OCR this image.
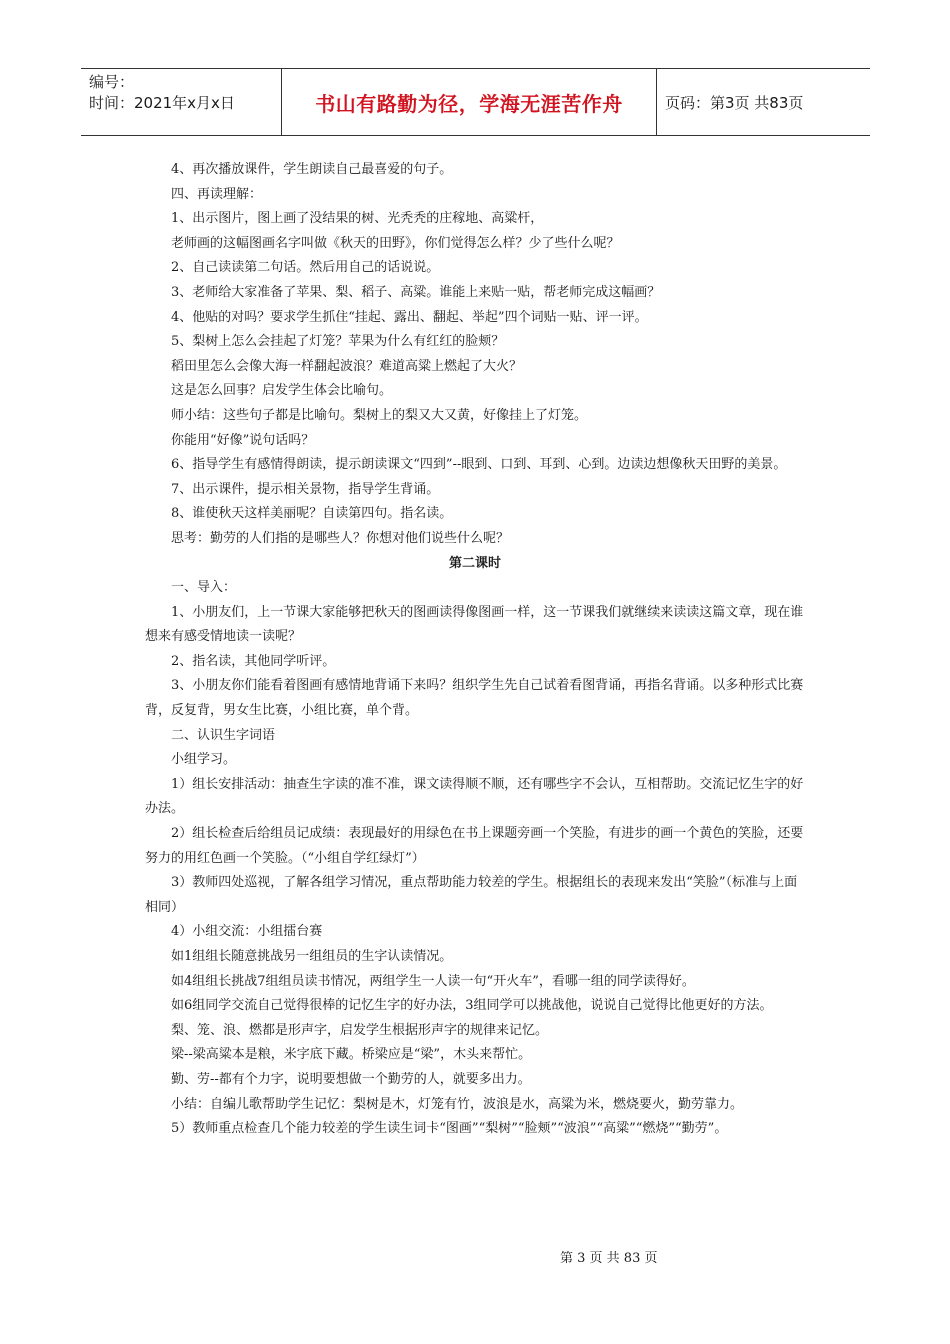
编号：
时间：2021年x月x日	书山有路勤为径，学海无涯苦作舟	页码：第3页 共83页

4、再次播放课件，学生朗读自己最喜爱的句子。

四、再读理解：

1、出示图片，图上画了没结果的树、光秃秃的庄稼地、高粱杆，

老师画的这幅图画名字叫做《秋天的田野》，你们觉得怎么样？少了些什么呢？

2、自己读读第二句话。然后用自己的话说说。

3、老师给大家准备了苹果、梨、稻子、高粱。谁能上来贴一贴，帮老师完成这幅画？

4、他贴的对吗？要求学生抓住“挂起、露出、翻起、举起”四个词贴一贴、评一评。

5、梨树上怎么会挂起了灯笼？苹果为什么有红红的脸颊？

稻田里怎么会像大海一样翻起波浪？难道高粱上燃起了大火？

这是怎么回事？启发学生体会比喻句。

师小结：这些句子都是比喻句。梨树上的梨又大又黄，好像挂上了灯笼。

你能用“好像”说句话吗？

6、指导学生有感情得朗读，提示朗读课文“四到”--眼到、口到、耳到、心到。边读边想像秋天田野的美景。

7、出示课件，提示相关景物，指导学生背诵。

8、谁使秋天这样美丽呢？自读第四句。指名读。

思考：勤劳的人们指的是哪些人？你想对他们说些什么呢？

第二课时

一、导入：

1、小朋友们，上一节课大家能够把秋天的图画读得像图画一样，这一节课我们就继续来读读这篇文章，现在谁想来有感受情地读一读呢？

2、指名读，其他同学听评。

3、小朋友你们能看着图画有感情地背诵下来吗？组织学生先自己试着看图背诵，再指名背诵。以多种形式比赛背，反复背，男女生比赛，小组比赛，单个背。

二、认识生字词语

小组学习。

1）组长安排活动：抽查生字读的准不准，课文读得顺不顺，还有哪些字不会认，互相帮助。交流记忆生字的好办法。

2）组长检查后给组员记成绩：表现最好的用绿色在书上课题旁画一个笑脸，有进步的画一个黄色的笑脸，还要努力的用红色画一个笑脸。（“小组自学红绿灯”）

3）教师四处巡视，了解各组学习情况，重点帮助能力较差的学生。根据组长的表现来发出“笑脸”（标准与上面相同）

4）小组交流：小组擂台赛

如1组组长随意挑战另一组组员的生字认读情况。

如4组组长挑战7组组员读书情况，两组学生一人读一句“开火车”，看哪一组的同学读得好。

如6组同学交流自己觉得很棒的记忆生字的好办法，3组同学可以挑战他，说说自己觉得比他更好的方法。

梨、笼、浪、燃都是形声字，启发学生根据形声字的规律来记忆。

梁--梁高粱本是粮，米字底下藏。桥梁应是“梁”，木头来帮忙。

勤、劳--都有个力字，说明要想做一个勤劳的人，就要多出力。

小结：自编儿歌帮助学生记忆：梨树是木，灯笼有竹，波浪是水，高粱为米，燃烧要火，勤劳靠力。

5）教师重点检查几个能力较差的学生读生词卡“图画”“梨树”“脸颊”“波浪”“高粱”“燃烧”“勤劳”。

第 3 页 共 83 页
